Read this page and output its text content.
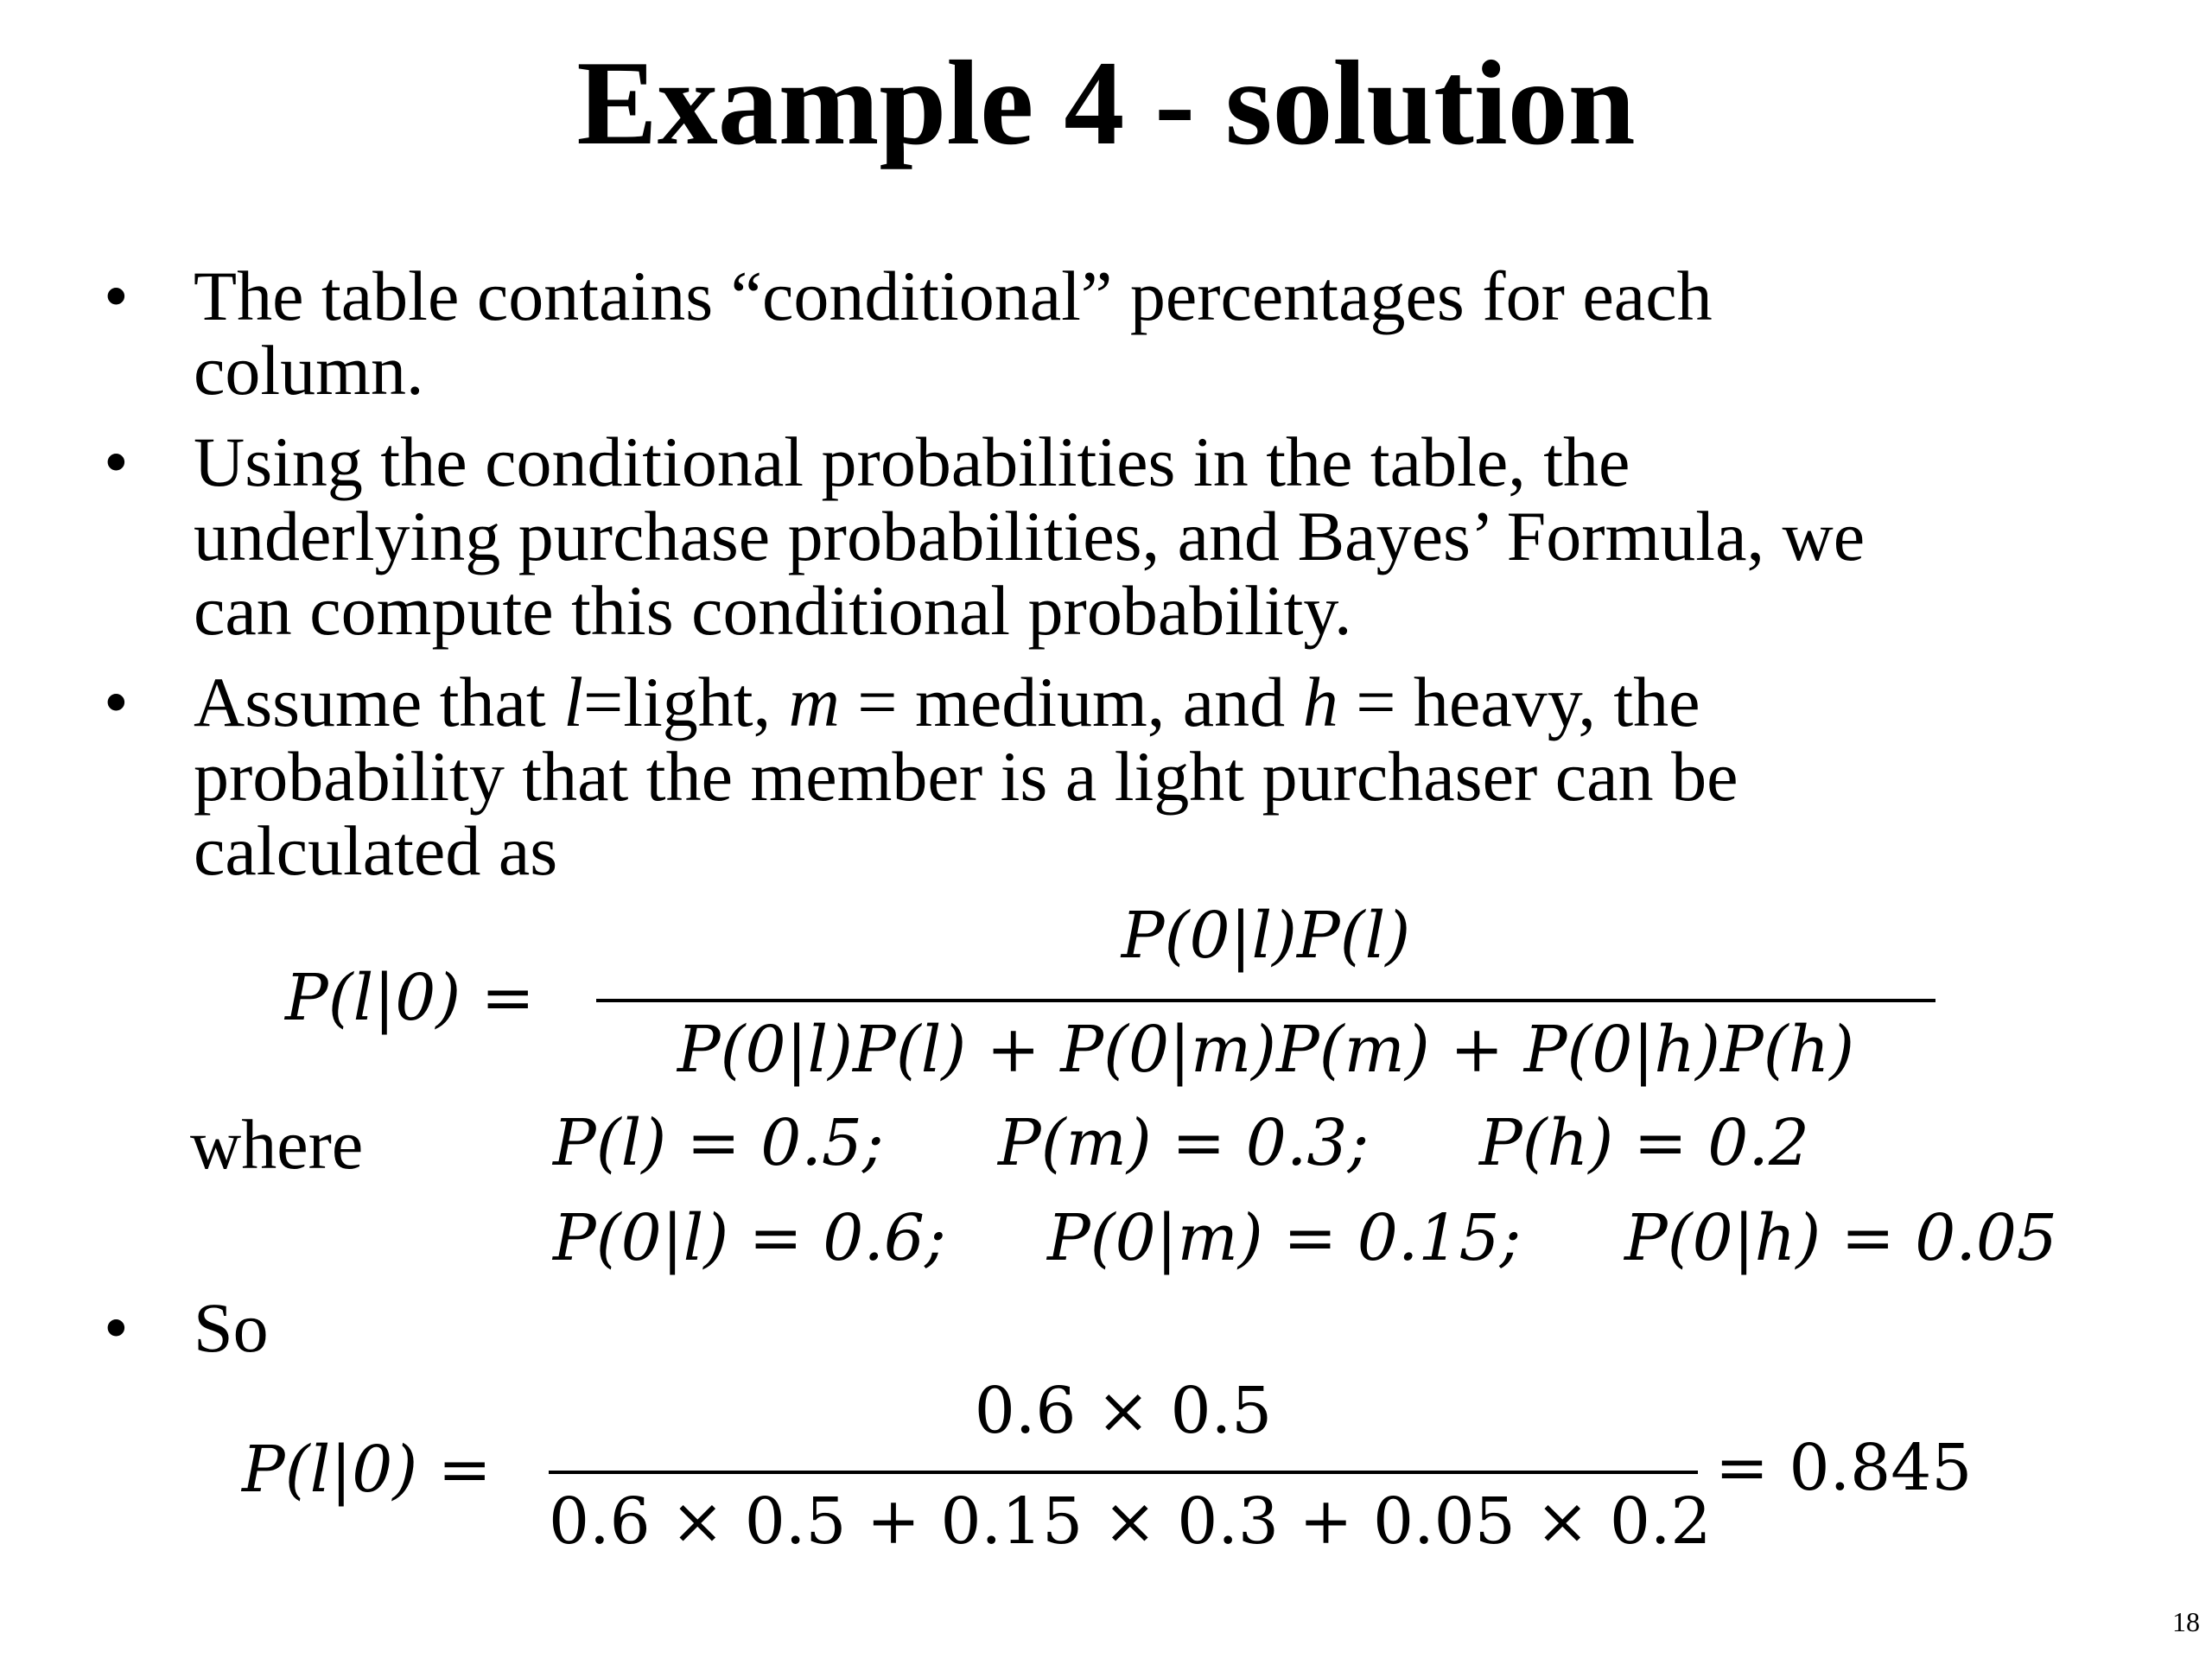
Example 4 - solution
• The table contains “conditional” percentages for each
column.
• Using the conditional probabilities in the table, the
underlying purchase probabilities, and Bayes’ Formula, we
can compute this conditional probability.
• Assume that l=light, m = medium, and h = heavy, the
probability that the member is a light purchaser can be
calculated as
P(l|0) =

P(0|l)P(l)

P(0|l)P(l) + P(0|m)P(m) + P(0|h)P(h)

where	P(l) = 0.5; P(m) = 0.3; P(h) = 0.2
P(0|l) = 0.6; P(0|m) = 0.15; P(0|h) = 0.05
• So
P(l|0) =

0.6 × 0.5

0.6 × 0.5 + 0.15 × 0.3 + 0.05 × 0.2

= 0.845
18
